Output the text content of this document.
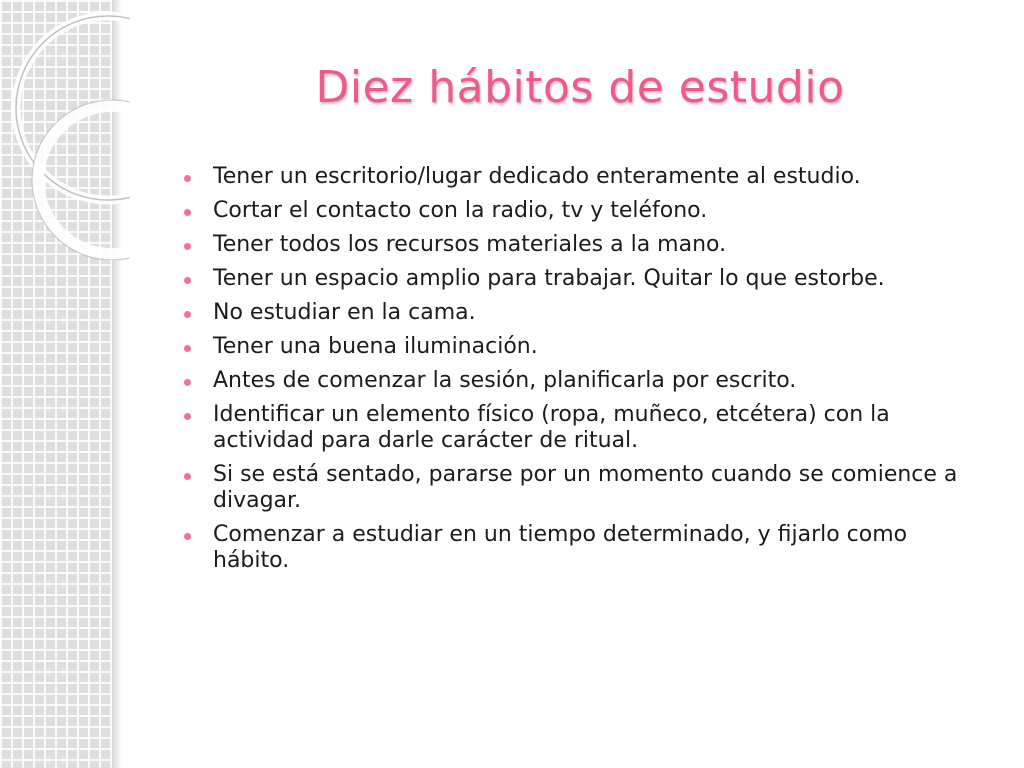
Diez hábitos de estudio
Tener un escritorio/lugar dedicado enteramente al estudio.
Cortar el contacto con la radio, tv y teléfono.
Tener todos los recursos materiales a la mano.
Tener un espacio amplio para trabajar. Quitar lo que estorbe.
No estudiar en la cama.
Tener una buena iluminación.
Antes de comenzar la sesión, planificarla por escrito.
Identificar un elemento físico (ropa, muñeco, etcétera) con la actividad para darle carácter de ritual.
Si se está sentado, pararse por un momento cuando se comience a divagar.
Comenzar a estudiar en un tiempo determinado, y fijarlo como hábito.
